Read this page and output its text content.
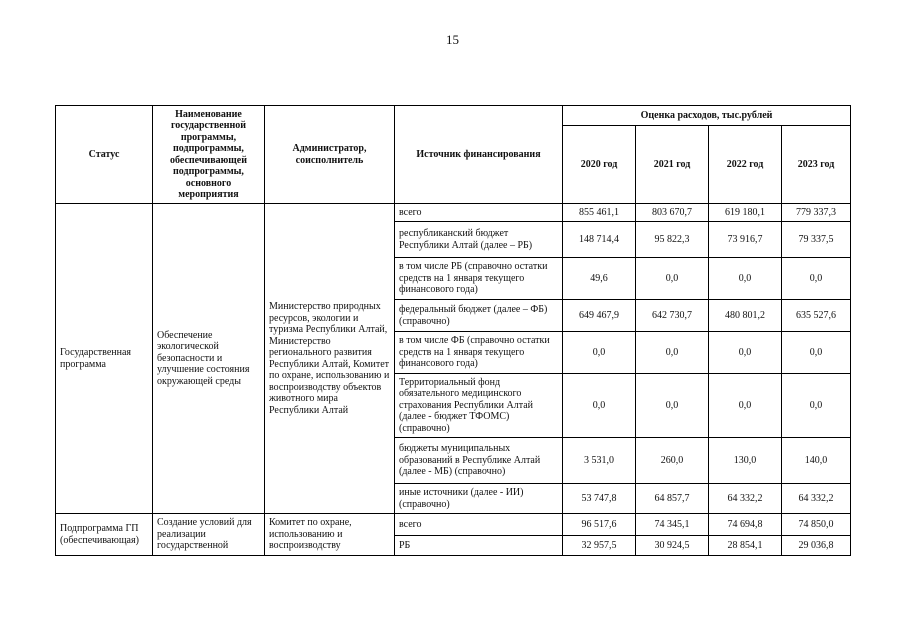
15
Статус	Наименование государственной программы, подпрограммы, обеспечивающей подпрограммы, основного мероприятия	Администратор, соисполнитель	Источник финансирования	Оценка расходов, тыс.рублей			
				2020 год	2021 год	2022 год	2023 год
Государственная программа	Обеспечение экологической безопасности и улучшение состояния окружающей среды	Министерство природных ресурсов, экологии и туризма Республики Алтай, Министерство регионального развития Республики Алтай, Комитет по охране, использованию и воспроизводству объектов животного мира Республики Алтай	всего	855 461,1	803 670,7	619 180,1	779 337,3
			республиканский бюджет Республики Алтай (далее – РБ)	148 714,4	95 822,3	73 916,7	79 337,5
			в том числе РБ (справочно остатки средств на 1 января текущего финансового года)	49,6	0,0	0,0	0,0
			федеральный бюджет (далее – ФБ) (справочно)	649 467,9	642 730,7	480 801,2	635 527,6
			в том числе ФБ (справочно остатки средств на 1 января текущего финансового года)	0,0	0,0	0,0	0,0
			Территориальный фонд обязательного медицинского страхования Республики Алтай (далее - бюджет ТФОМС) (справочно)	0,0	0,0	0,0	0,0
			бюджеты муниципальных образований в Республике Алтай (далее - МБ) (справочно)	3 531,0	260,0	130,0	140,0
			иные источники (далее - ИИ) (справочно)	53 747,8	64 857,7	64 332,2	64 332,2
Подпрограмма ГП (обеспечивающая)	Создание условий для реализации государственной	Комитет по охране, использованию и воспроизводству	всего	96 517,6	74 345,1	74 694,8	74 850,0
			РБ	32 957,5	30 924,5	28 854,1	29 036,8
